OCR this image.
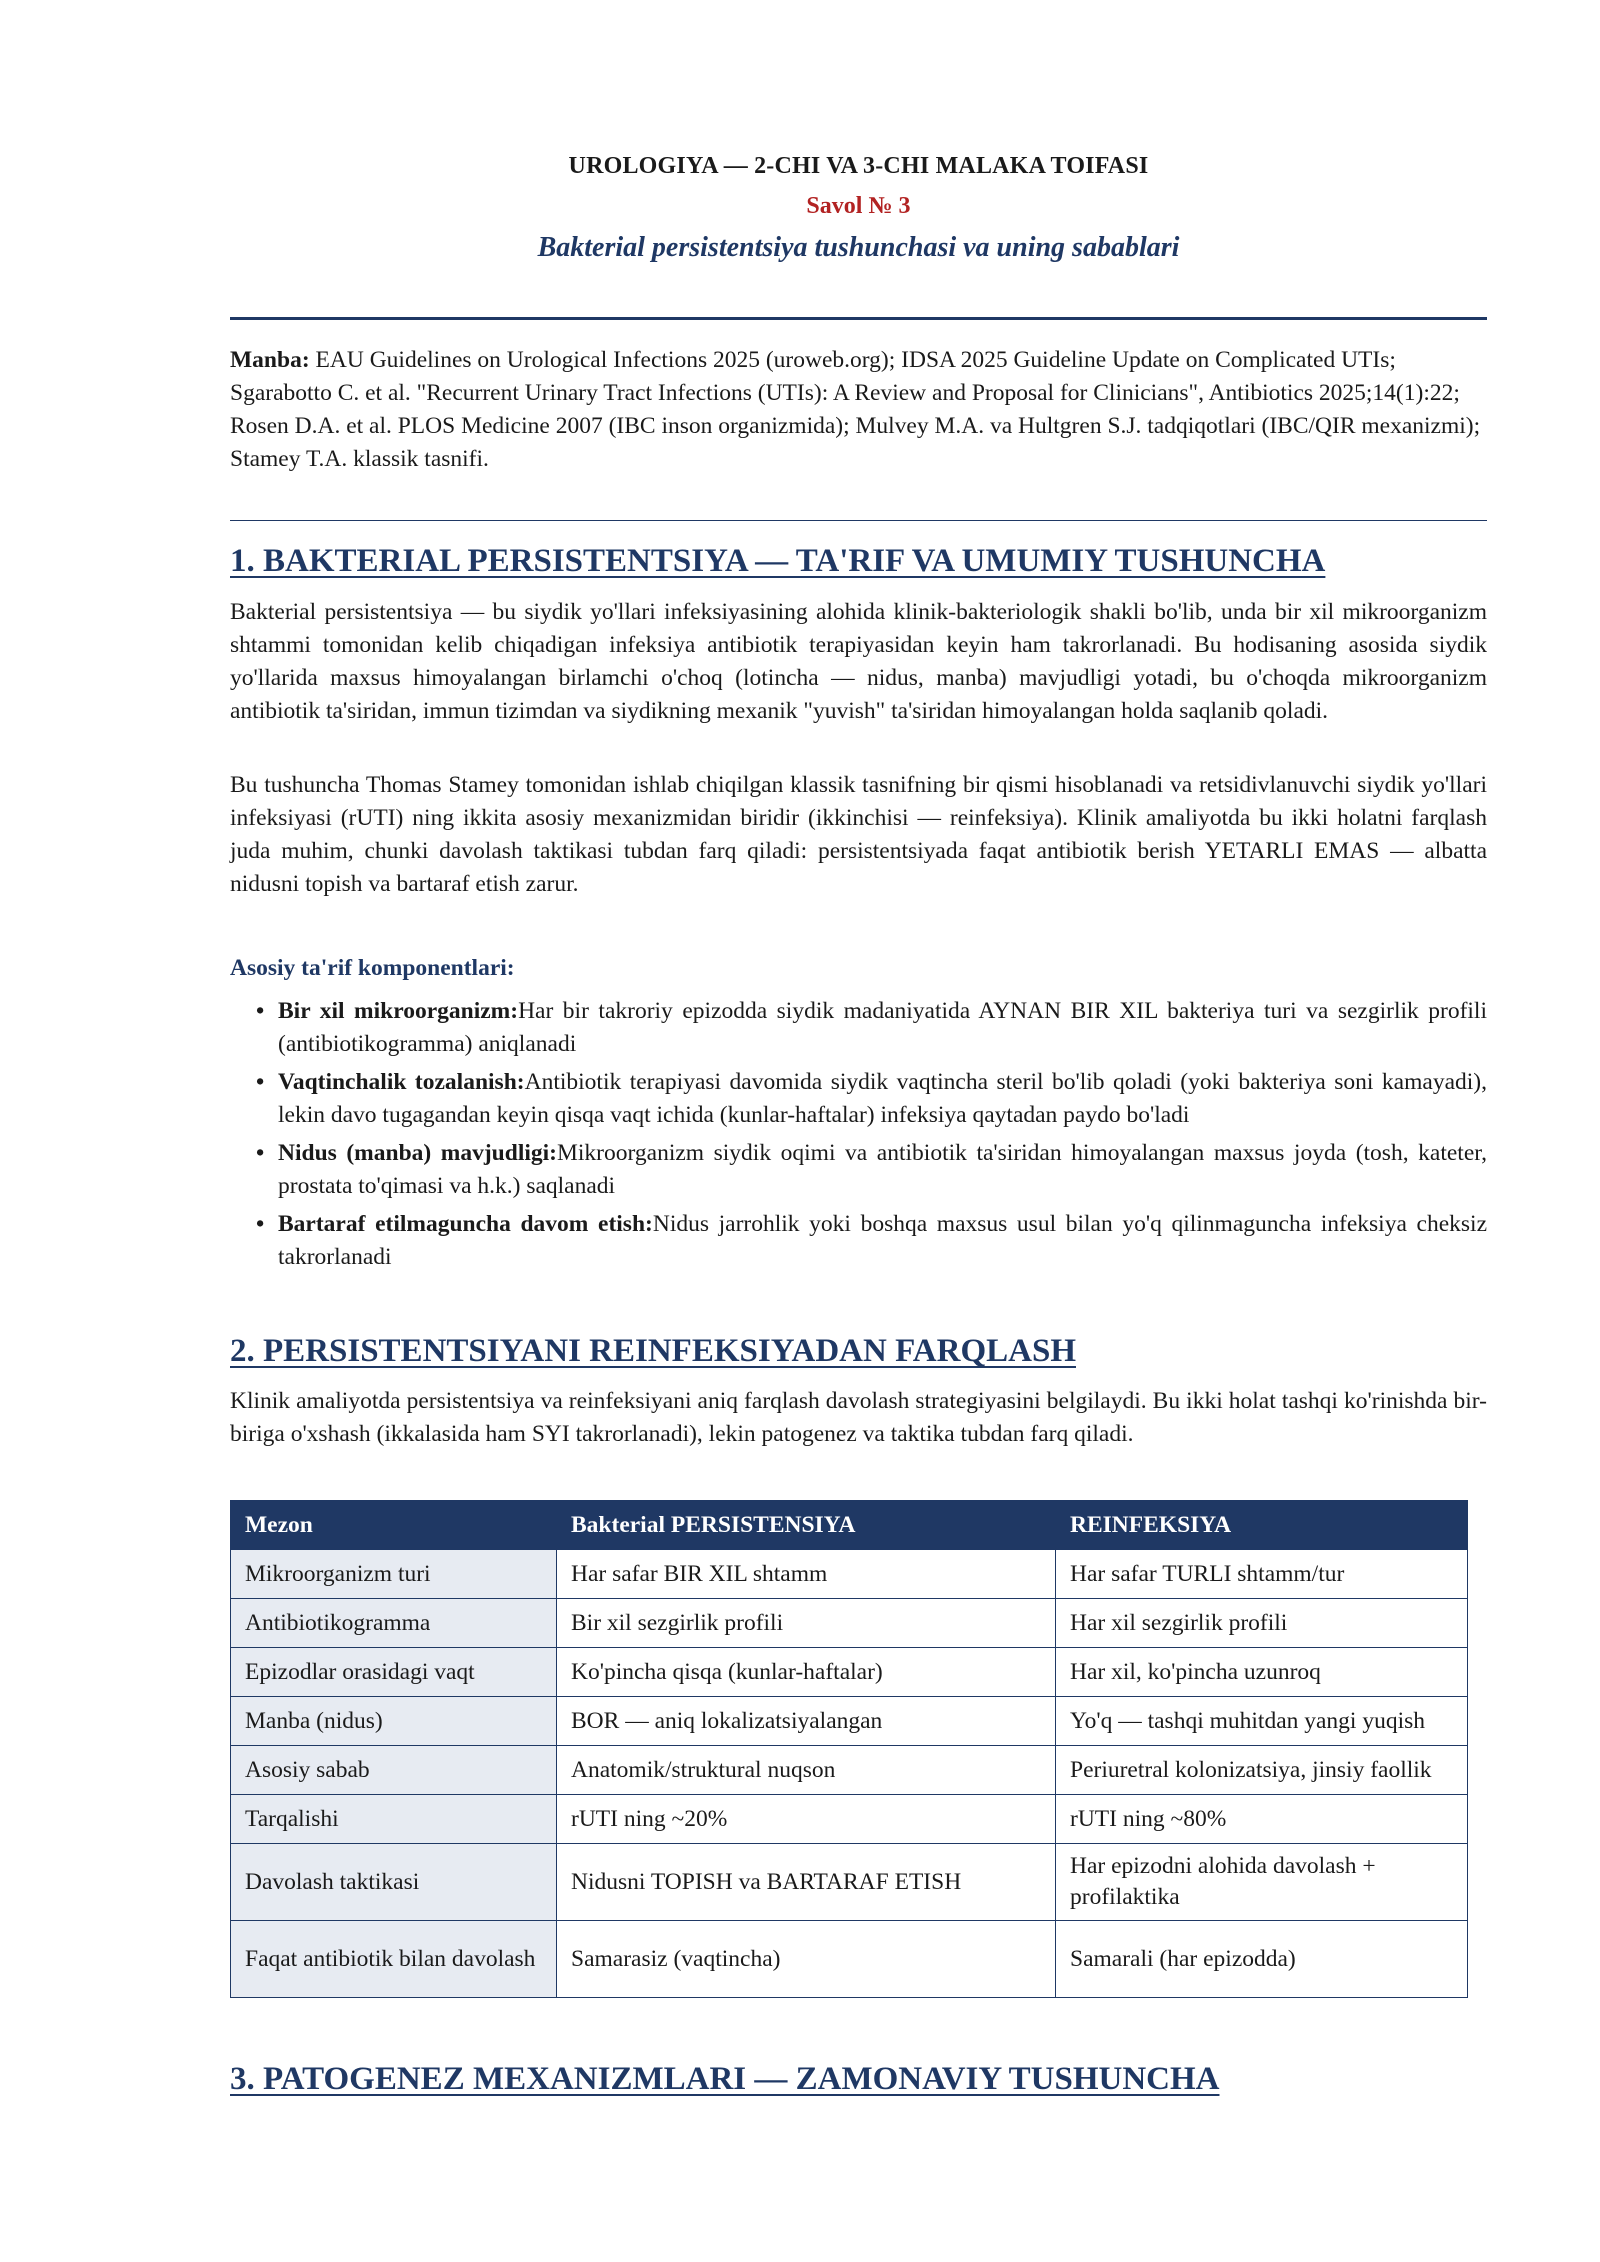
UROLOGIYA — 2-CHI VA 3-CHI MALAKA TOIFASI
Savol № 3
Bakterial persistentsiya tushunchasi va uning sabablari
Manba: EAU Guidelines on Urological Infections 2025 (uroweb.org); IDSA 2025 Guideline Update on Complicated UTIs; Sgarabotto C. et al. "Recurrent Urinary Tract Infections (UTIs): A Review and Proposal for Clinicians", Antibiotics 2025;14(1):22; Rosen D.A. et al. PLOS Medicine 2007 (IBC inson organizmida); Mulvey M.A. va Hultgren S.J. tadqiqotlari (IBC/QIR mexanizmi); Stamey T.A. klassik tasnifi.
1. BAKTERIAL PERSISTENTSIYA — TA'RIF VA UMUMIY TUSHUNCHA
Bakterial persistentsiya — bu siydik yo'llari infeksiyasining alohida klinik-bakteriologik shakli bo'lib, unda bir xil mikroorganizm shtammi tomonidan kelib chiqadigan infeksiya antibiotik terapiyasidan keyin ham takrorlanadi. Bu hodisaning asosida siydik yo'llarida maxsus himoyalangan birlamchi o'choq (lotincha — nidus, manba) mavjudligi yotadi, bu o'choqda mikroorganizm antibiotik ta'siridan, immun tizimdan va siydikning mexanik "yuvish" ta'siridan himoyalangan holda saqlanib qoladi.
Bu tushuncha Thomas Stamey tomonidan ishlab chiqilgan klassik tasnifning bir qismi hisoblanadi va retsidivlanuvchi siydik yo'llari infeksiyasi (rUTI) ning ikkita asosiy mexanizmidan biridir (ikkinchisi — reinfeksiya). Klinik amaliyotda bu ikki holatni farqlash juda muhim, chunki davolash taktikasi tubdan farq qiladi: persistentsiyada faqat antibiotik berish YETARLI EMAS — albatta nidusni topish va bartaraf etish zarur.
Asosiy ta'rif komponentlari:
• Bir xil mikroorganizm:Har bir takroriy epizodda siydik madaniyatida AYNAN BIR XIL bakteriya turi va sezgirlik profili (antibiotikogramma) aniqlanadi
• Vaqtinchalik tozalanish:Antibiotik terapiyasi davomida siydik vaqtincha steril bo'lib qoladi (yoki bakteriya soni kamayadi), lekin davo tugagandan keyin qisqa vaqt ichida (kunlar-haftalar) infeksiya qaytadan paydo bo'ladi
• Nidus (manba) mavjudligi:Mikroorganizm siydik oqimi va antibiotik ta'siridan himoyalangan maxsus joyda (tosh, kateter, prostata to'qimasi va h.k.) saqlanadi
• Bartaraf etilmaguncha davom etish:Nidus jarrohlik yoki boshqa maxsus usul bilan yo'q qilinmaguncha infeksiya cheksiz takrorlanadi
2. PERSISTENTSIYANI REINFEKSIYADAN FARQLASH
Klinik amaliyotda persistentsiya va reinfeksiyani aniq farqlash davolash strategiyasini belgilaydi. Bu ikki holat tashqi ko'rinishda bir-biriga o'xshash (ikkalasida ham SYI takrorlanadi), lekin patogenez va taktika tubdan farq qiladi.
Mezon	Bakterial PERSISTENSIYA	REINFEKSIYA
Mikroorganizm turi	Har safar BIR XIL shtamm	Har safar TURLI shtamm/tur
Antibiotikogramma	Bir xil sezgirlik profili	Har xil sezgirlik profili
Epizodlar orasidagi vaqt	Ko'pincha qisqa (kunlar-haftalar)	Har xil, ko'pincha uzunroq
Manba (nidus)	BOR — aniq lokalizatsiyalangan	Yo'q — tashqi muhitdan yangi yuqish
Asosiy sabab	Anatomik/struktural nuqson	Periuretral kolonizatsiya, jinsiy faollik
Tarqalishi	rUTI ning ~20%	rUTI ning ~80%
Davolash taktikasi	Nidusni TOPISH va BARTARAF ETISH	Har epizodni alohida davolash + profilaktika
Faqat antibiotik bilan davolash	Samarasiz (vaqtincha)	Samarali (har epizodda)
3. PATOGENEZ MEXANIZMLARI — ZAMONAVIY TUSHUNCHA
